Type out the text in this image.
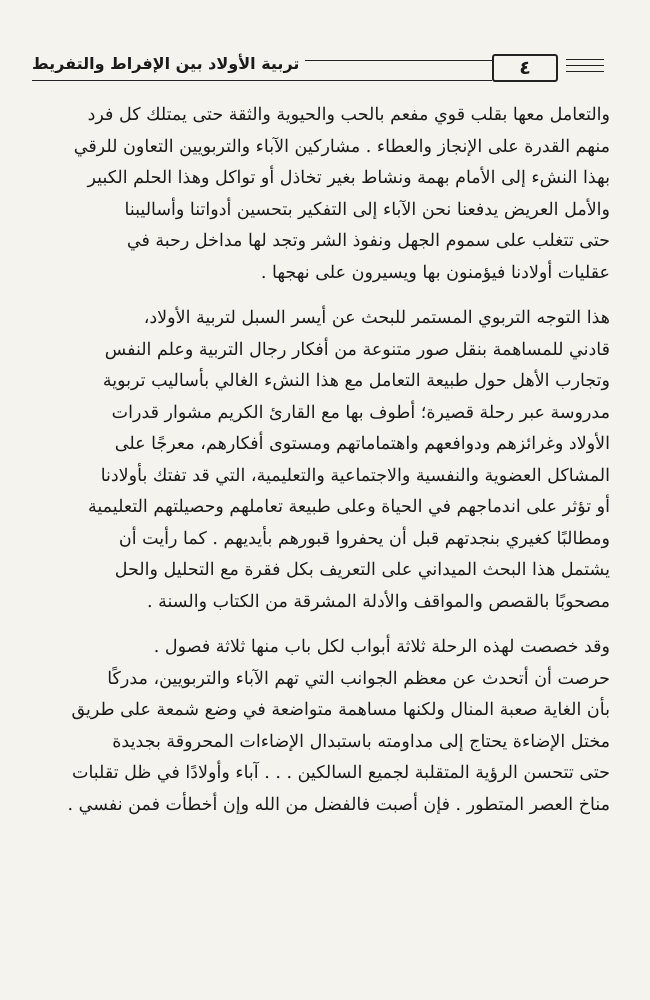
تربية الأولاد بين الإفراط والتفريط	٤

والتعامل معها بقلب قوي مفعم بالحب والحيوية والثقة حتى يمتلك كل فرد
منهم القدرة على الإنجاز والعطاء . مشاركين الآباء والتربويين التعاون للرقي
بهذا النشء إلى الأمام بهمة ونشاط بغير تخاذل أو تواكل وهذا الحلم الكبير
والأمل العريض يدفعنا نحن الآباء إلى التفكير بتحسين أدواتنا وأساليبنا
حتى تتغلب على سموم الجهل ونفوذ الشر وتجد لها مداخل رحبة في
عقليات أولادنا فيؤمنون بها ويسيرون على نهجها .

هذا التوجه التربوي المستمر للبحث عن أيسر السبل لتربية الأولاد،
قادني للمساهمة بنقل صور متنوعة من أفكار رجال التربية وعلم النفس
وتجارب الأهل حول طبيعة التعامل مع هذا النشء الغالي بأساليب تربوية
مدروسة عبر رحلة قصيرة؛ أطوف بها مع القارئ الكريم مشوار قدرات
الأولاد وغرائزهم ودوافعهم واهتماماتهم ومستوى أفكارهم، معرجًا على
المشاكل العضوية والنفسية والاجتماعية والتعليمية، التي قد تفتك بأولادنا
أو تؤثر على اندماجهم في الحياة وعلى طبيعة تعاملهم وحصيلتهم التعليمية
ومطالبًا كغيري بنجدتهم قبل أن يحفروا قبورهم بأيديهم . كما رأيت أن
يشتمل هذا البحث الميداني على التعريف بكل فقرة مع التحليل والحل
مصحوبًا بالقصص والمواقف والأدلة المشرقة من الكتاب والسنة .

وقد خصصت لهذه الرحلة ثلاثة أبواب لكل باب منها ثلاثة فصول .
حرصت أن أتحدث عن معظم الجوانب التي تهم الآباء والتربويين، مدركًا
بأن الغاية صعبة المنال ولكنها مساهمة متواضعة في وضع شمعة على طريق
مختل الإضاءة يحتاج إلى مداومته باستبدال الإضاءات المحروقة بجديدة
حتى تتحسن الرؤية المتقلبة لجميع السالكين . . . آباء وأولادًا في ظل تقلبات
مناخ العصر المتطور . فإن أصبت فالفضل من الله وإن أخطأت فمن نفسي .
